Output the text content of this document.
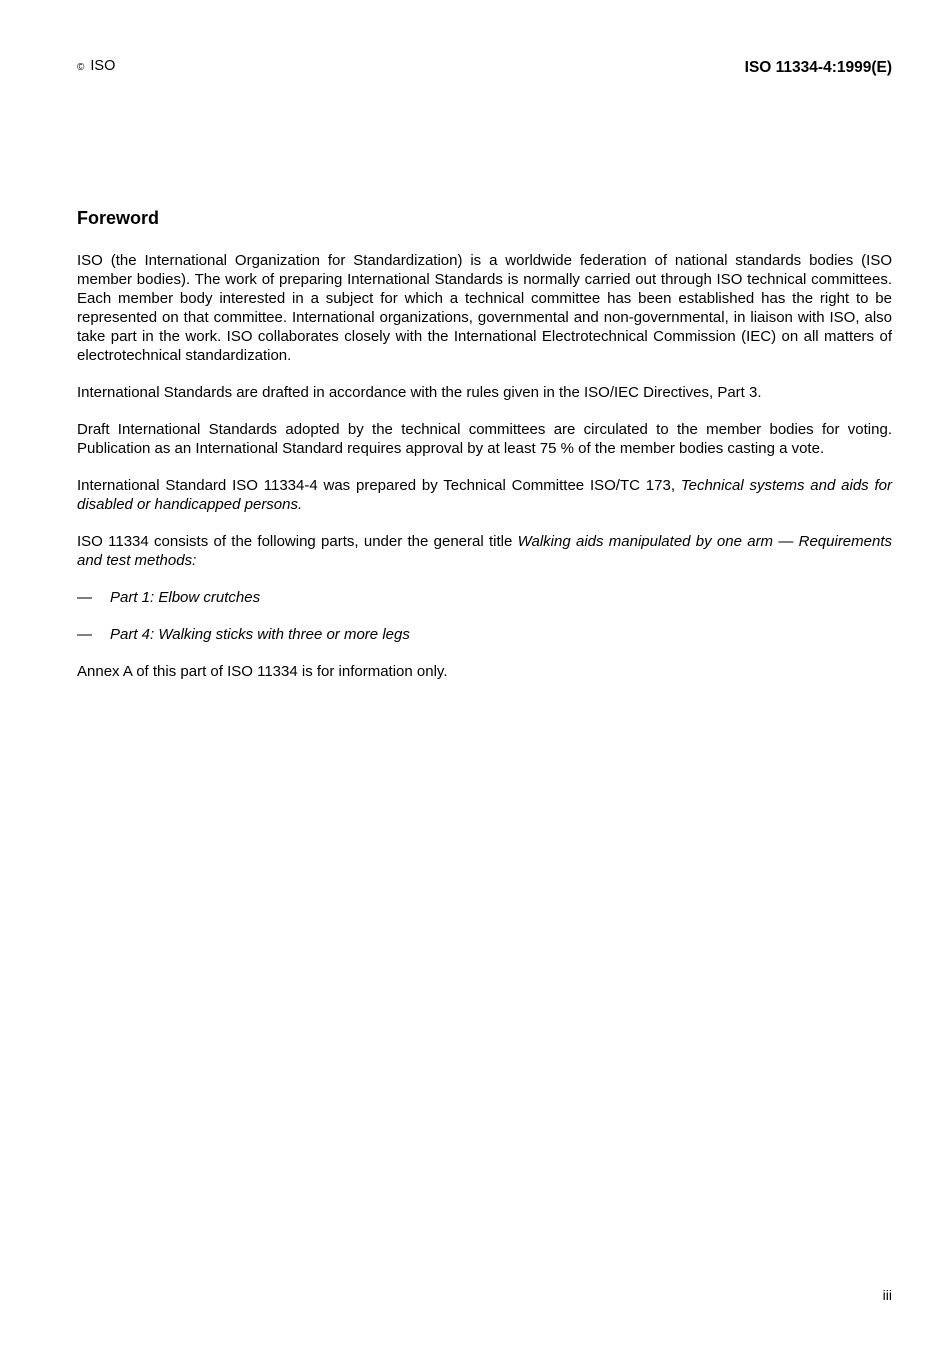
© ISO	ISO 11334-4:1999(E)
Foreword

ISO (the International Organization for Standardization) is a worldwide federation of national standards bodies (ISO member bodies). The work of preparing International Standards is normally carried out through ISO technical committees. Each member body interested in a subject for which a technical committee has been established has the right to be represented on that committee. International organizations, governmental and non-governmental, in liaison with ISO, also take part in the work. ISO collaborates closely with the International Electrotechnical Commission (IEC) on all matters of electrotechnical standardization.

International Standards are drafted in accordance with the rules given in the ISO/IEC Directives, Part 3.

Draft International Standards adopted by the technical committees are circulated to the member bodies for voting. Publication as an International Standard requires approval by at least 75 % of the member bodies casting a vote.

International Standard ISO 11334-4 was prepared by Technical Committee ISO/TC 173, Technical systems and aids for disabled or handicapped persons.

ISO 11334 consists of the following parts, under the general title Walking aids manipulated by one arm — Requirements and test methods:

—	Part 1: Elbow crutches
—	Part 4: Walking sticks with three or more legs

Annex A of this part of ISO 11334 is for information only.

iii
